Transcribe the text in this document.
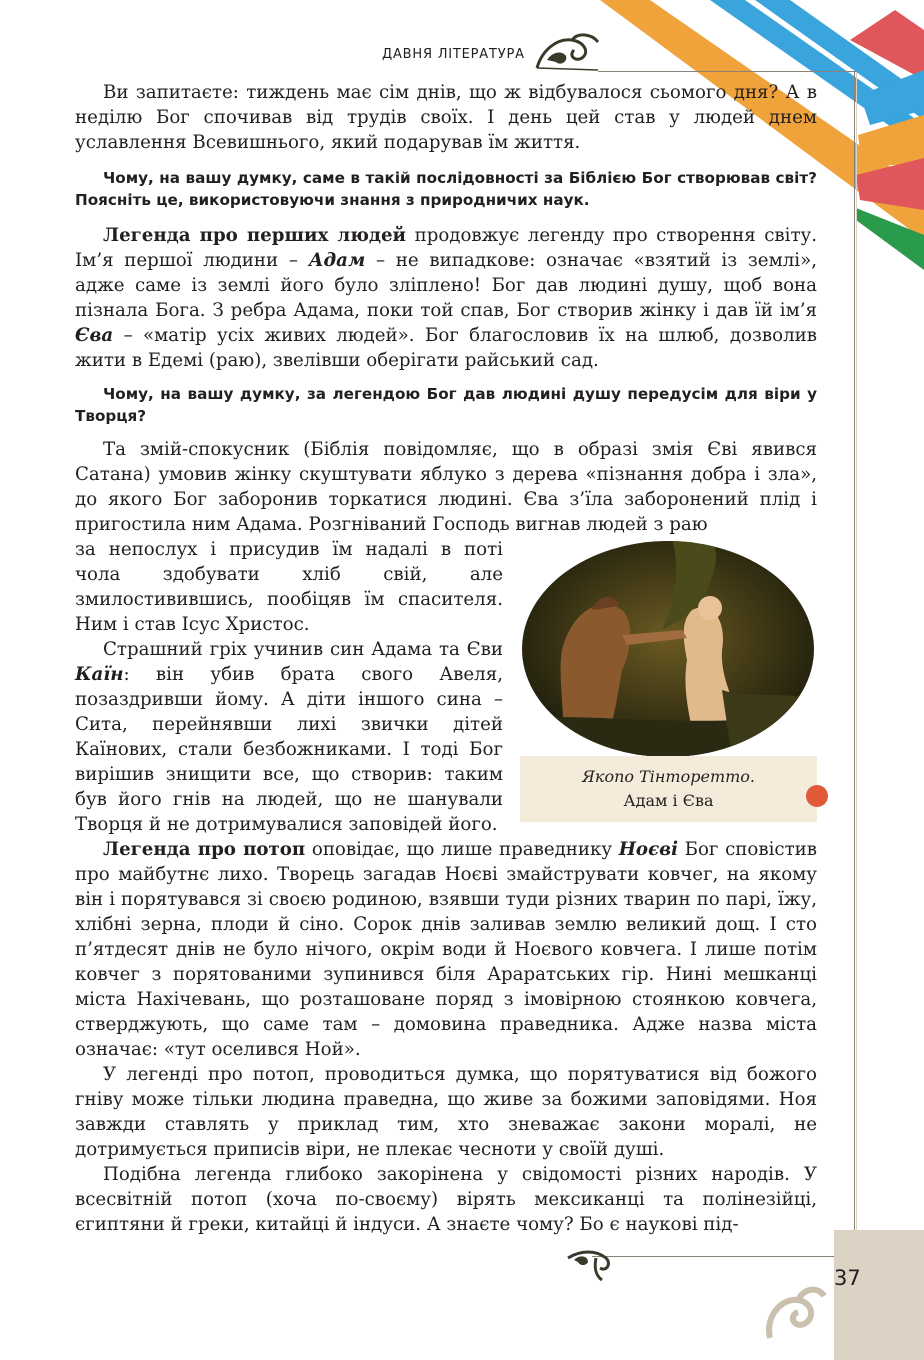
ДАВНЯ ЛІТЕРАТУРА

Ви запитаєте: тиждень має сім днів, що ж відбувалося сьомого дня? А в неділю Бог спочивав від трудів своїх. І день цей став у людей днем уславлення Всевишнього, який подарував їм життя.

Чому, на вашу думку, саме в такій послідовності за Біблією Бог створював світ? Поясніть це, використовуючи знання з природничих наук.

Легенда про перших людей продовжує легенду про створення світу. Ім’я першої людини – Адам – не випадкове: означає «взятий із землі», адже саме із землі його було зліплено! Бог дав людині душу, щоб вона пізнала Бога. З ребра Адама, поки той спав, Бог створив жінку і дав їй ім’я Єва – «матір усіх живих людей». Бог благословив їх на шлюб, дозволив жити в Едемі (раю), звелівши оберігати райський сад.

Чому, на вашу думку, за легендою Бог дав людині душу передусім для віри у Творця?

Та змій-спокусник (Біблія повідомляє, що в образі змія Єві явився Сатана) умовив жінку скуштувати яблуко з дерева «пізнання добра і зла», до якого Бог заборонив торкатися людині. Єва з’їла заборонений плід і пригостила ним Адама. Розгніваний Господь вигнав людей з раю

за непослух і присудив їм надалі в поті чола здобувати хліб свій, але змилостивившись, пообіцяв їм спасителя. Ним і став Ісус Христос.

Страшний гріх учинив син Адама та Єви Каїн: він убив брата свого Авеля, позаздривши йому. А діти іншого сина – Сита, перейнявши лихі звички дітей Каїнових, стали безбожниками. І тоді Бог вирішив знищити все, що створив: таким був його гнів на людей, що не шанували Творця й не дотримувалися заповідей його.

Легенда про потоп оповідає, що лише праведнику Ноєві Бог сповістив про майбутнє лихо. Творець загадав Ноєві змайструвати ковчег, на якому він і порятувався зі своєю родиною, взявши туди різних тварин по парі, їжу, хлібні зерна, плоди й сіно. Сорок днів заливав землю великий дощ. І сто п’ятдесят днів не було нічого, окрім води й Ноєвого ковчега. І лише потім ковчег з порятованими зупинився біля Араратських гір. Нині мешканці міста Нахічевань, що розташоване поряд з імовірною стоянкою ковчега, стверджують, що саме там – домовина праведника. Адже назва міста означає: «тут оселився Ной».

У легенді про потоп, проводиться думка, що порятуватися від божого гніву може тільки людина праведна, що живе за божими заповідями. Ноя завжди ставлять у приклад тим, хто зневажає закони моралі, не дотримується приписів віри, не плекає чесноти у своїй душі.

Подібна легенда глибоко закорінена у свідомості різних народів. У всесвітній потоп (хоча по-своєму) вірять мексиканці та полінезійці, єгиптяни й греки, китайці й індуси. А знаєте чому? Бо є наукові під-

Якопо Тінторетто.
Адам і Єва
37
